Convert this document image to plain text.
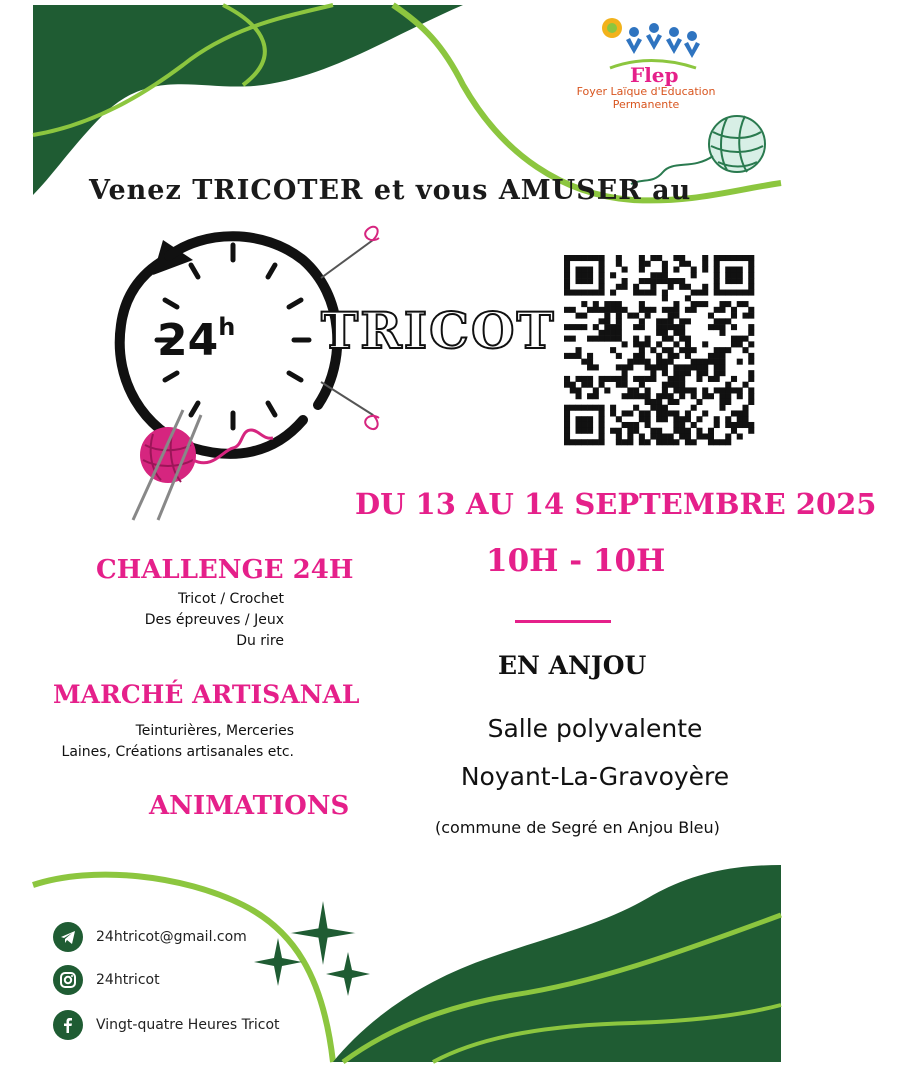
Flep
Foyer Laïque d'Education
Permanente
Venez TRICOTER et vous AMUSER au
24$^h$ TRICOT
DU 13 AU 14 SEPTEMBRE 2025
10H - 10H
EN ANJOU
Salle polyvalente
Noyant-La-Gravoyère
(commune de Segré en Anjou Bleu)
CHALLENGE 24H
Tricot / Crochet
Des épreuves / Jeux
Du rire
MARCHÉ ARTISANAL
Teinturières, Merceries
Laines, Créations artisanales etc.
ANIMATIONS
24htricot@gmail.com
24htricot
Vingt-quatre Heures Tricot
